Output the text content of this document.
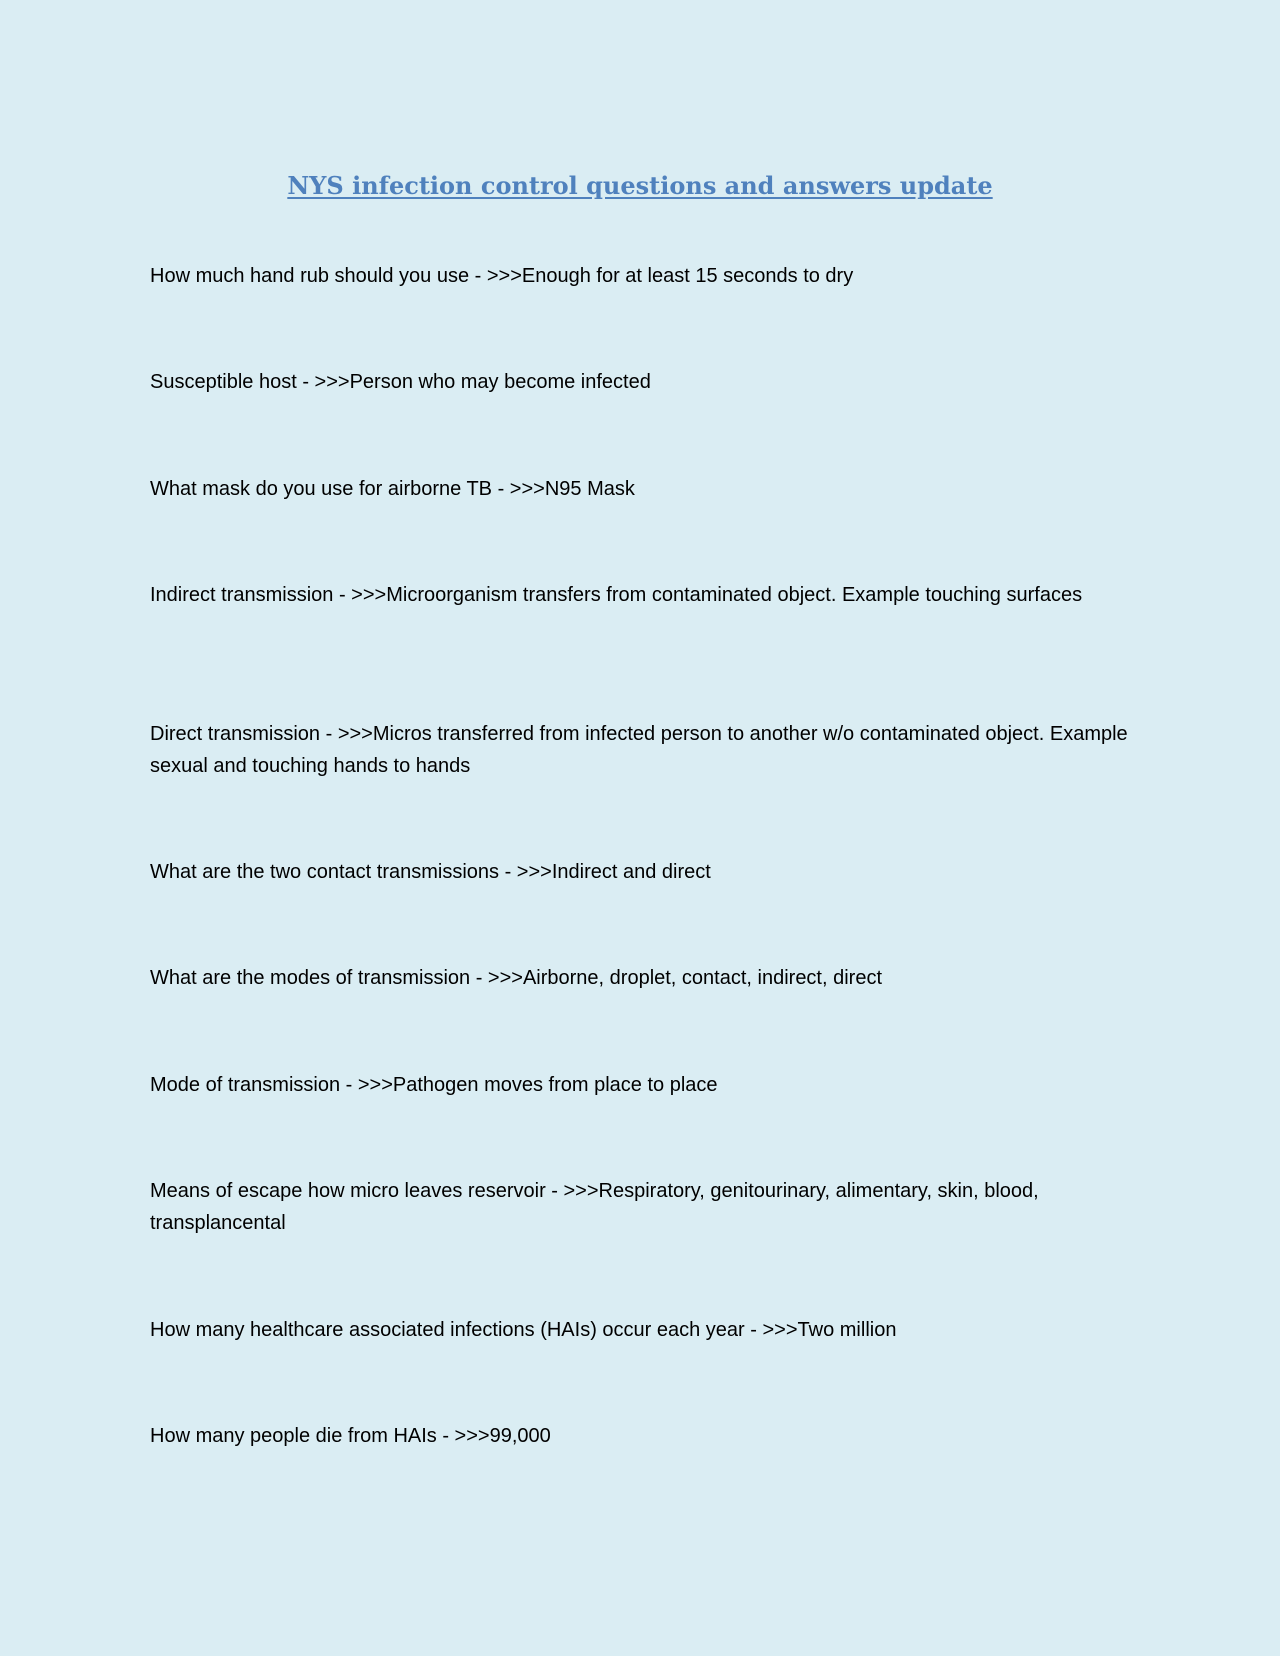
NYS infection control questions and answers update

How much hand rub should you use - >>>Enough for at least 15 seconds to dry

Susceptible host - >>>Person who may become infected

What mask do you use for airborne TB - >>>N95 Mask

Indirect transmission - >>>Microorganism transfers from contaminated object. Example touching surfaces

Direct transmission - >>>Micros transferred from infected person to another w/o contaminated object. Example sexual and touching hands to hands

What are the two contact transmissions - >>>Indirect and direct

What are the modes of transmission - >>>Airborne, droplet, contact, indirect, direct

Mode of transmission - >>>Pathogen moves from place to place

Means of escape how micro leaves reservoir - >>>Respiratory, genitourinary, alimentary, skin, blood, transplancental

How many healthcare associated infections (HAIs) occur each year - >>>Two million

How many people die from HAIs - >>>99,000
